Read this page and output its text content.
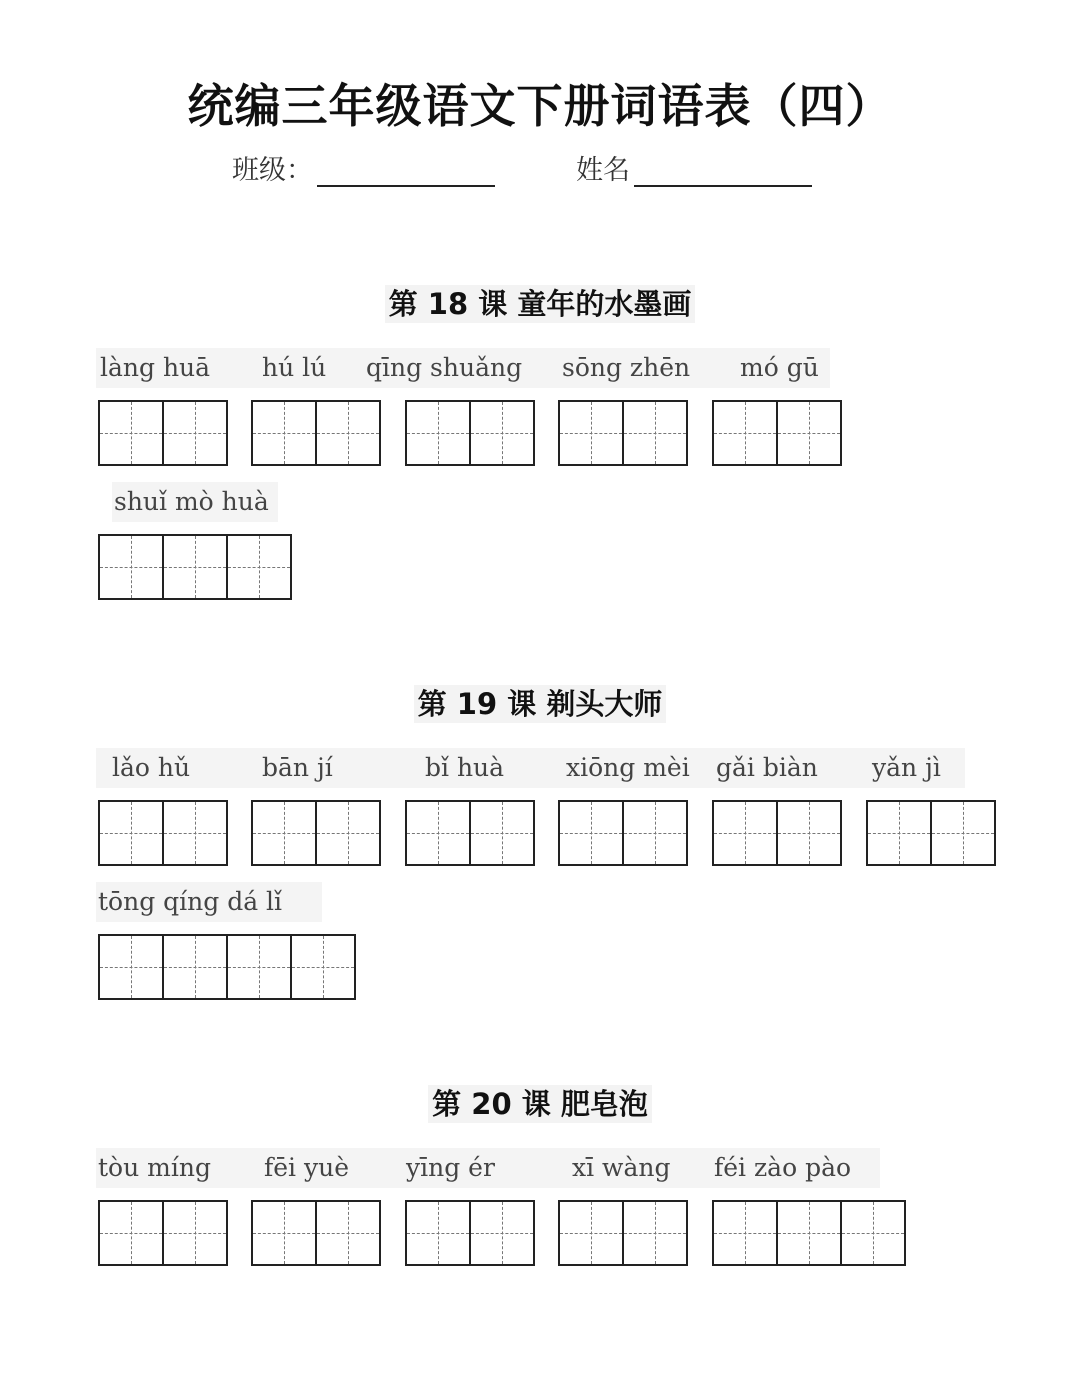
统编三年级语文下册词语表（四）
班级：	姓名
第 18 课 童年的水墨画
làng huā hú lú qīng shuǎng sōng zhēn mó gū
shuǐ mò huà
第 19 课 剃头大师
lǎo hǔ	bān jí	bǐ huà xiōng mèi gǎi biàn yǎn jì
tōng qíng dá lǐ
第 20 课 肥皂泡
tòu míng fēi yuè yīng ér	xī wàng féi zào pào
